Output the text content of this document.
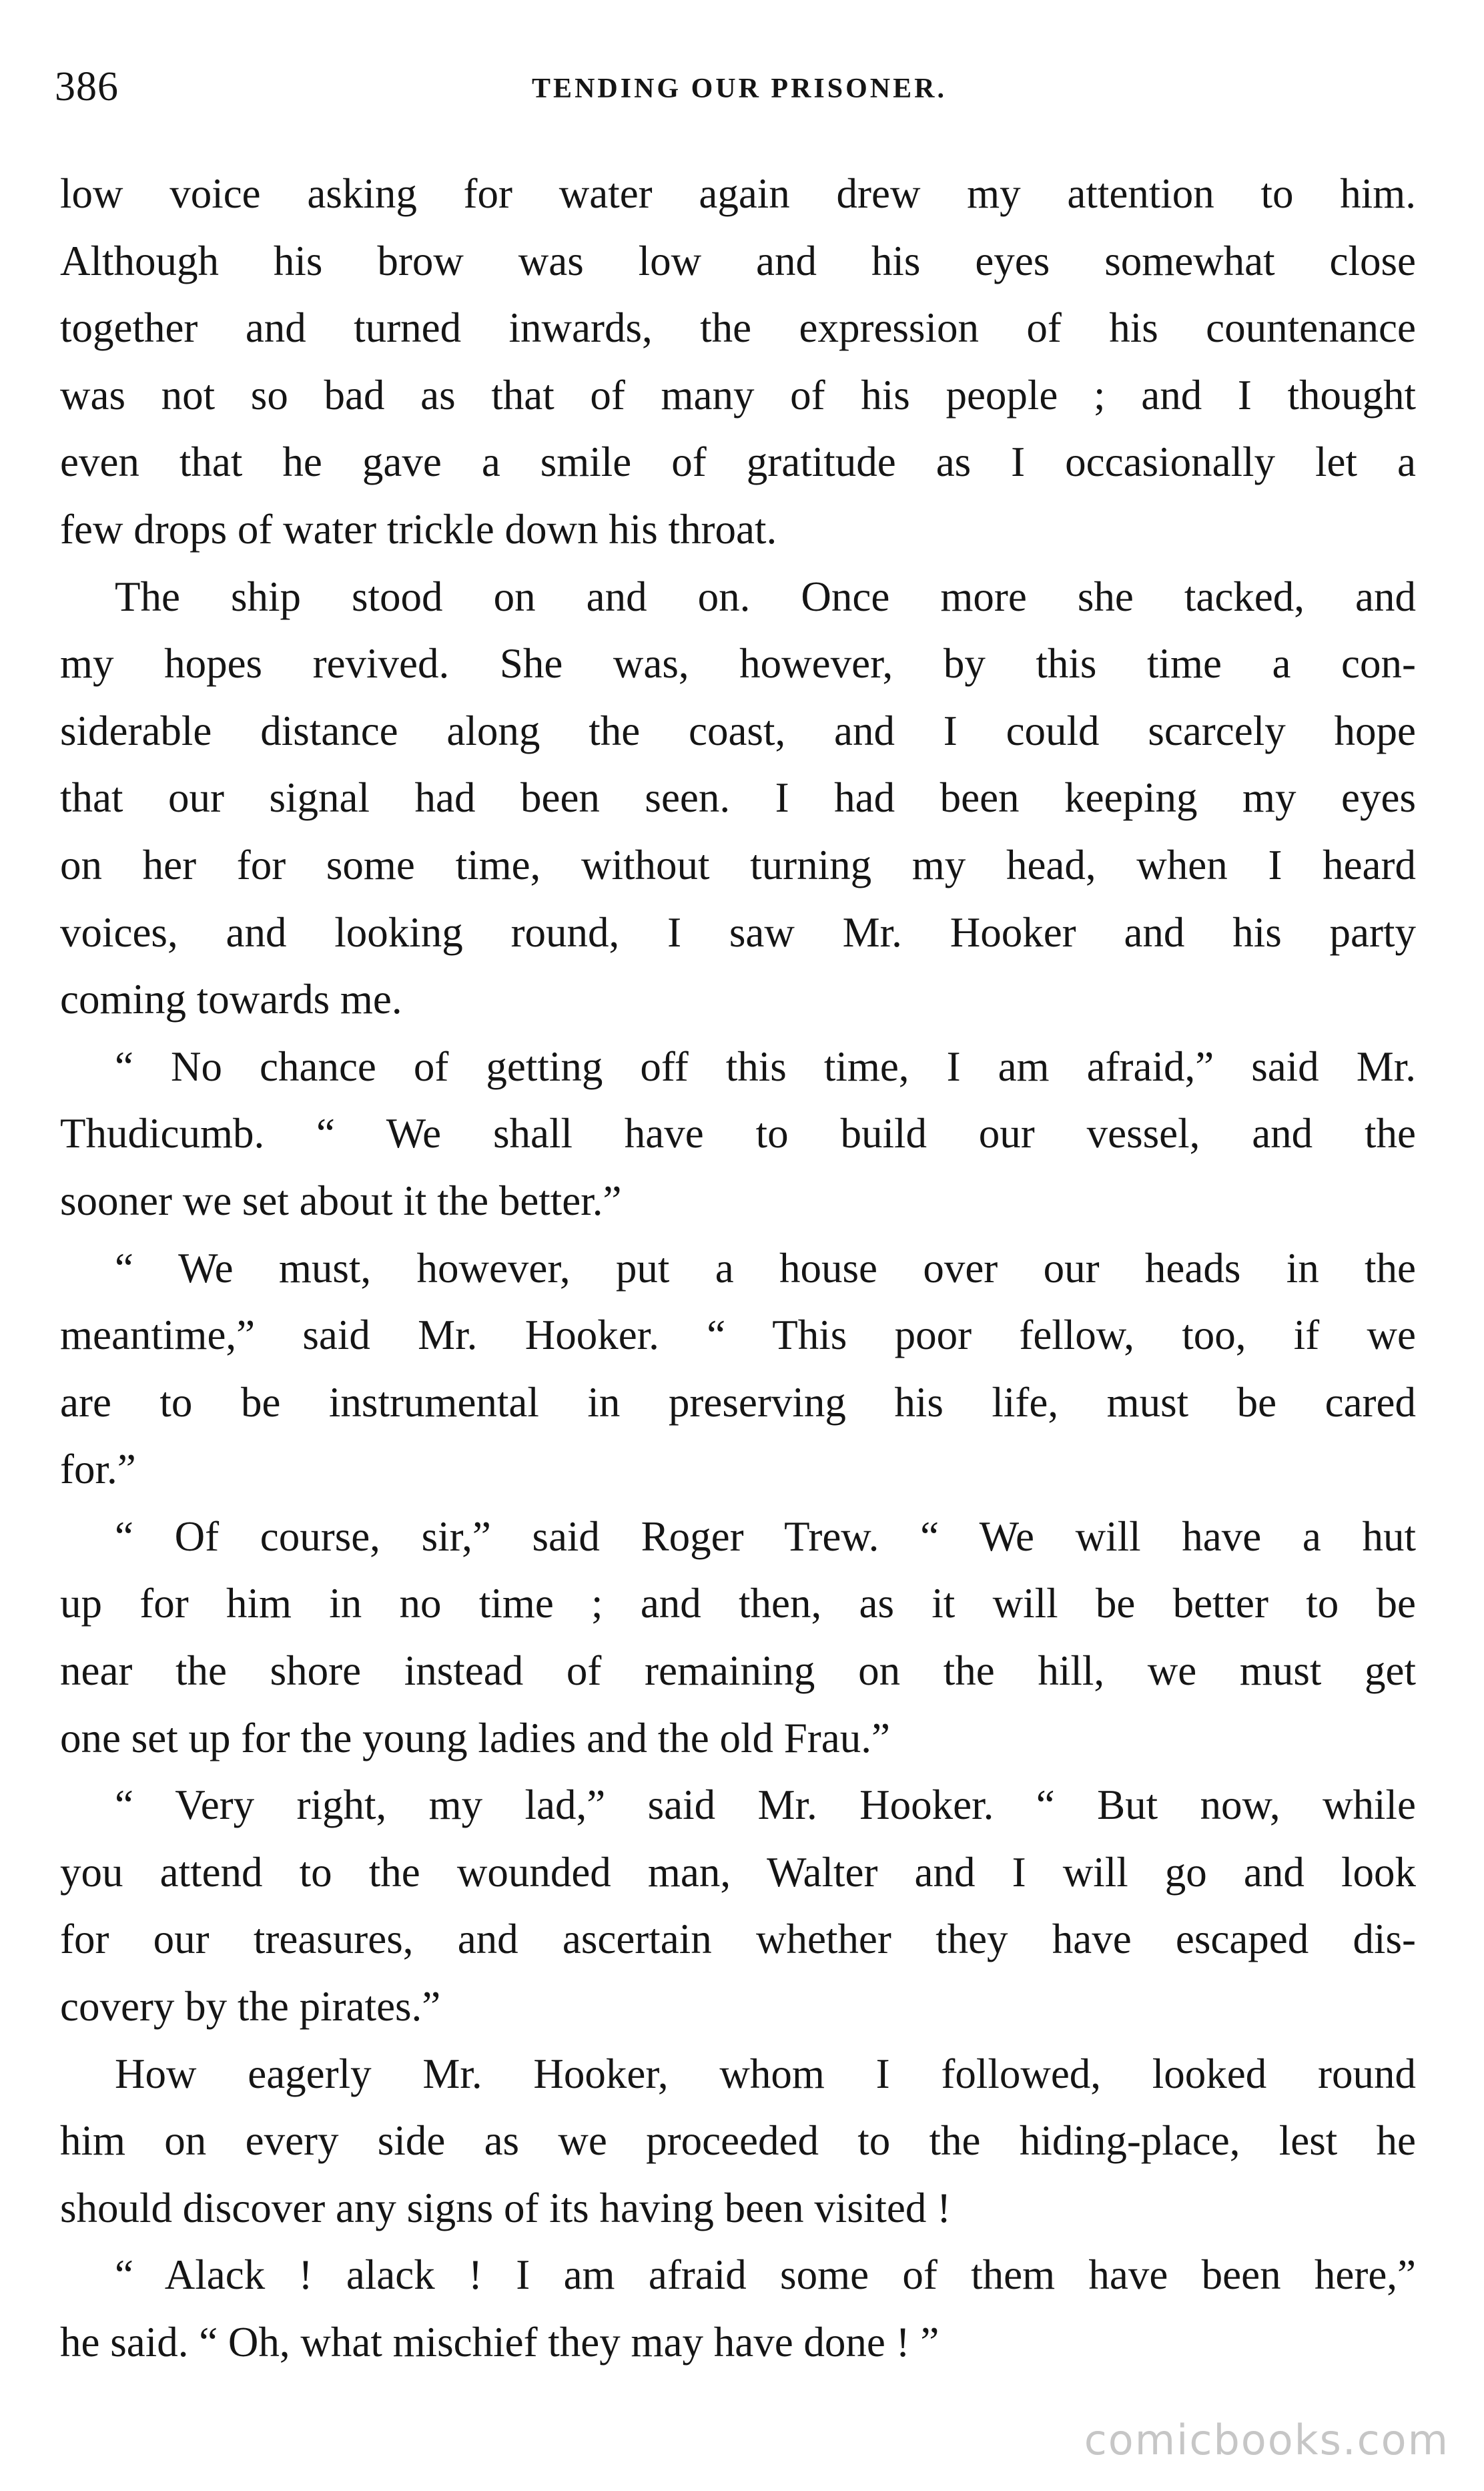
386	TENDING OUR PRISONER.
low voice asking for water again drew my attention to him.
Although his brow was low and his eyes somewhat close
together and turned inwards, the expression of his countenance
was not so bad as that of many of his people ; and I thought
even that he gave a smile of gratitude as I occasionally let a
few drops of water trickle down his throat.
The ship stood on and on. Once more she tacked, and
my hopes revived. She was, however, by this time a con-
siderable distance along the coast, and I could scarcely hope
that our signal had been seen. I had been keeping my eyes
on her for some time, without turning my head, when I heard
voices, and looking round, I saw Mr. Hooker and his party
coming towards me.
“ No chance of getting off this time, I am afraid,” said Mr.
Thudicumb. “ We shall have to build our vessel, and the
sooner we set about it the better.”
“ We must, however, put a house over our heads in the
meantime,” said Mr. Hooker. “ This poor fellow, too, if we
are to be instrumental in preserving his life, must be cared
for.”
“ Of course, sir,” said Roger Trew. “ We will have a hut
up for him in no time ; and then, as it will be better to be
near the shore instead of remaining on the hill, we must get
one set up for the young ladies and the old Frau.”
“ Very right, my lad,” said Mr. Hooker. “ But now, while
you attend to the wounded man, Walter and I will go and look
for our treasures, and ascertain whether they have escaped dis-
covery by the pirates.”
How eagerly Mr. Hooker, whom I followed, looked round
him on every side as we proceeded to the hiding-place, lest he
should discover any signs of its having been visited !
“ Alack ! alack ! I am afraid some of them have been here,”
he said. “ Oh, what mischief they may have done ! ”
comicbooks.com
